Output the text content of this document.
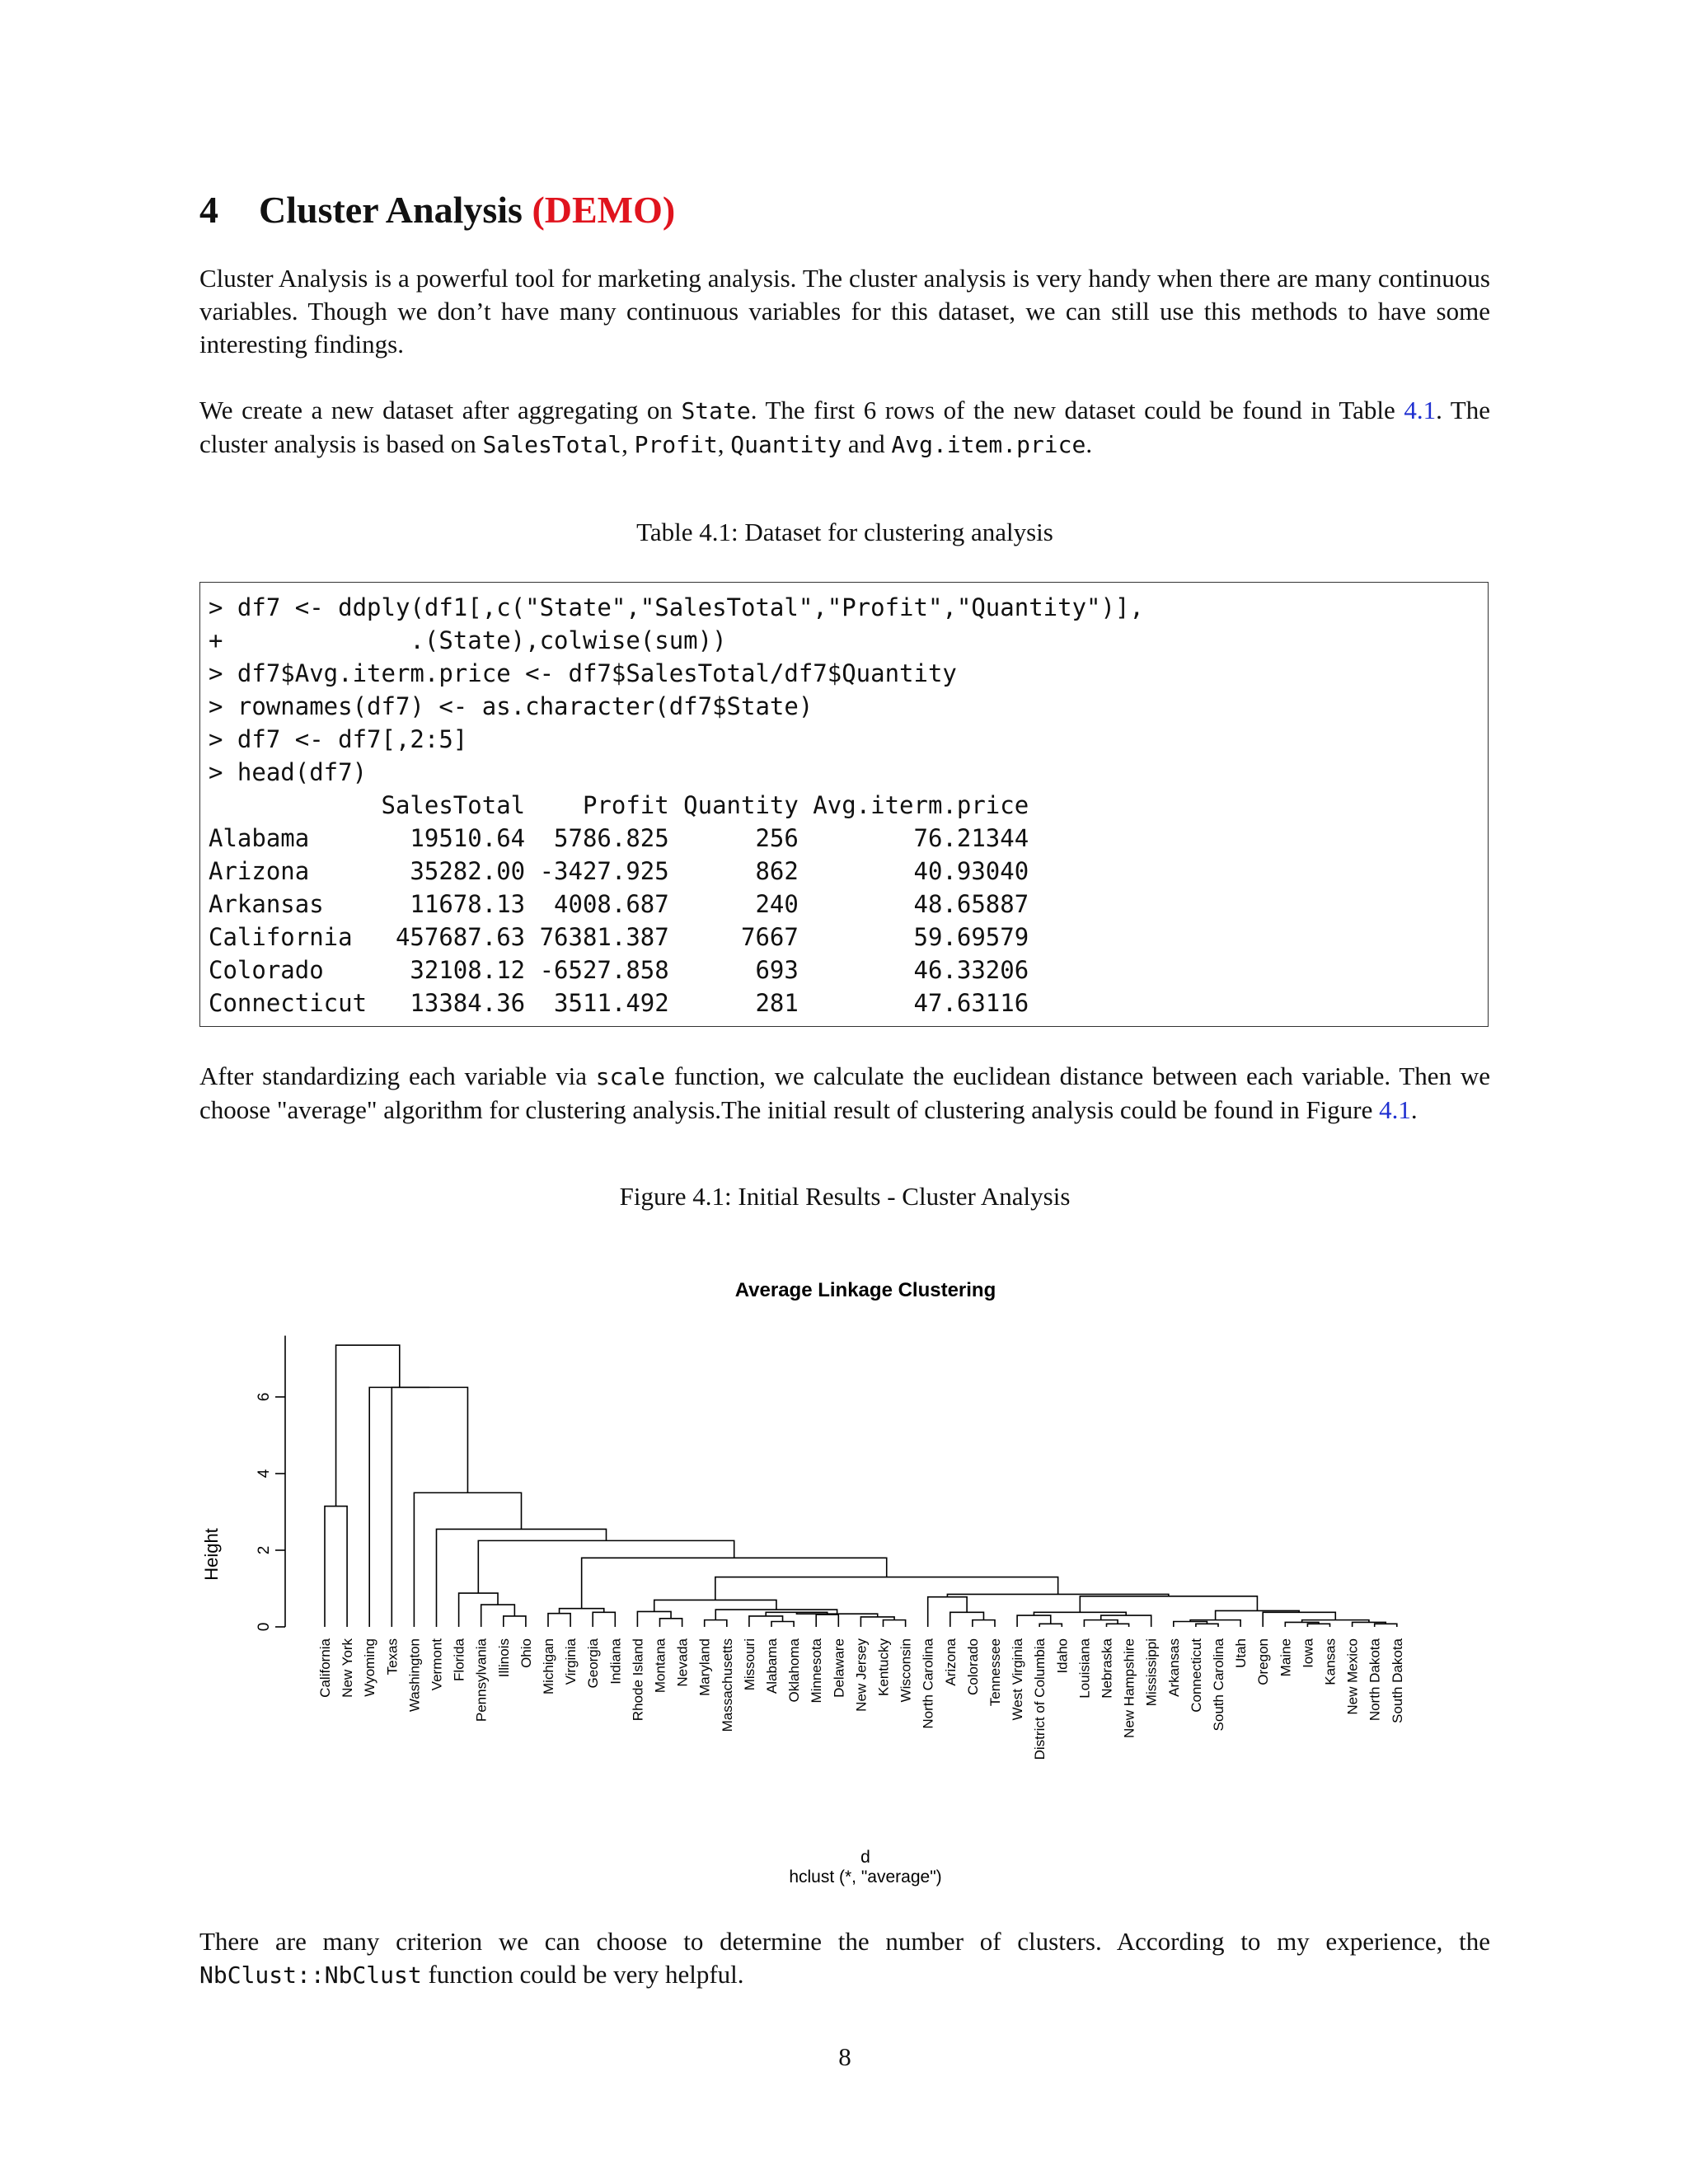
4 Cluster Analysis (DEMO)

Cluster Analysis is a powerful tool for marketing analysis. The cluster analysis is very handy when there are many continuous variables. Though we don’t have many continuous variables for this dataset, we can still use this methods to have some interesting findings.

We create a new dataset after aggregating on State. The first 6 rows of the new dataset could be found in Table 4.1. The cluster analysis is based on SalesTotal, Profit, Quantity and Avg.item.price.

Table 4.1: Dataset for clustering analysis
> df7 <- ddply(df1[,c("State","SalesTotal","Profit","Quantity")],
+             .(State),colwise(sum))
> df7$Avg.iterm.price <- df7$SalesTotal/df7$Quantity
> rownames(df7) <- as.character(df7$State)
> df7 <- df7[,2:5]
> head(df7)
SalesTotal    Profit Quantity Avg.iterm.price
Alabama       19510.64  5786.825      256        76.21344
Arizona       35282.00 -3427.925      862        40.93040
Arkansas      11678.13  4008.687      240        48.65887
California   457687.63 76381.387     7667        59.69579
Colorado      32108.12 -6527.858      693        46.33206
Connecticut   13384.36  3511.492      281        47.63116

After standardizing each variable via scale function, we calculate the euclidean distance between each variable. Then we choose "average" algorithm for clustering analysis.The initial result of clustering analysis could be found in Figure 4.1.

Figure 4.1: Initial Results - Cluster Analysis
Average Linkage Clustering
Height
d
hclust (*, "average")
0
2
4
6
California New York Wyoming Texas Washington Vermont Florida Pennsylvania Illinois Ohio Michigan Virginia Georgia Indiana Rhode Island Montana Nevada Maryland Massachusetts Missouri Alabama Oklahoma Minnesota Delaware New Jersey Kentucky Wisconsin North Carolina Arizona Colorado Tennessee West Virginia District of Columbia Idaho Louisiana Nebraska New Hampshire Mississippi Arkansas Connecticut South Carolina Utah Oregon Maine Iowa Kansas New Mexico North Dakota South Dakota

There are many criterion we can choose to determine the number of clusters. According to my experience, the NbClust::NbClust function could be very helpful.

8
